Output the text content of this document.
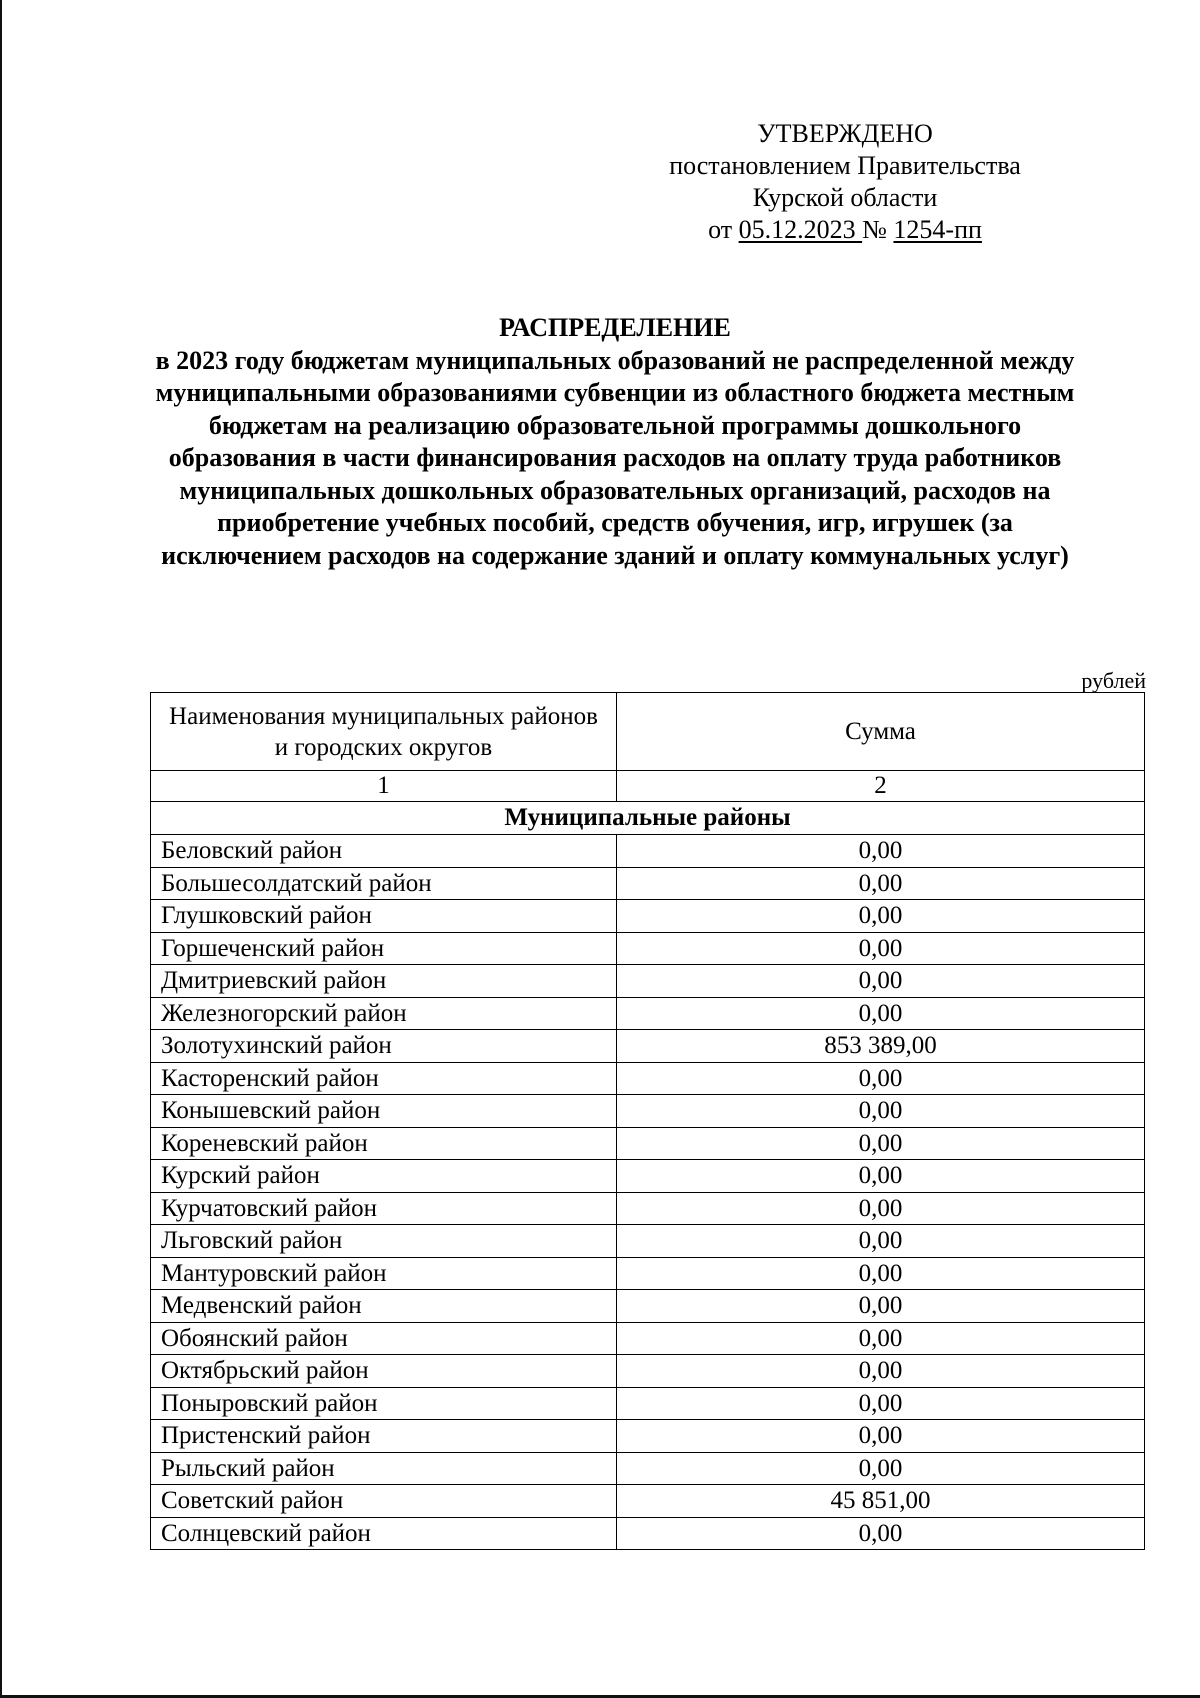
УТВЕРЖДЕНО
постановлением Правительства
Курской области
от 05.12.2023 № 1254-пп
РАСПРЕДЕЛЕНИЕ
в 2023 году бюджетам муниципальных образований не распределенной между муниципальными образованиями субвенции из областного бюджета местным бюджетам на реализацию образовательной программы дошкольного образования в части финансирования расходов на оплату труда работников муниципальных дошкольных образовательных организаций, расходов на приобретение учебных пособий, средств обучения, игр, игрушек (за исключением расходов на содержание зданий и оплату коммунальных услуг)
рублей
Наименования муниципальных районов и городских округов	Сумма
1	2
Муниципальные районы	
Беловский район	0,00
Большесолдатский район	0,00
Глушковский район	0,00
Горшеченский район	0,00
Дмитриевский район	0,00
Железногорский район	0,00
Золотухинский район	853 389,00
Касторенский район	0,00
Конышевский район	0,00
Кореневский район	0,00
Курский район	0,00
Курчатовский район	0,00
Льговский район	0,00
Мантуровский район	0,00
Медвенский район	0,00
Обоянский район	0,00
Октябрьский район	0,00
Поныровский район	0,00
Пристенский район	0,00
Рыльский район	0,00
Советский район	45 851,00
Солнцевский район	0,00
